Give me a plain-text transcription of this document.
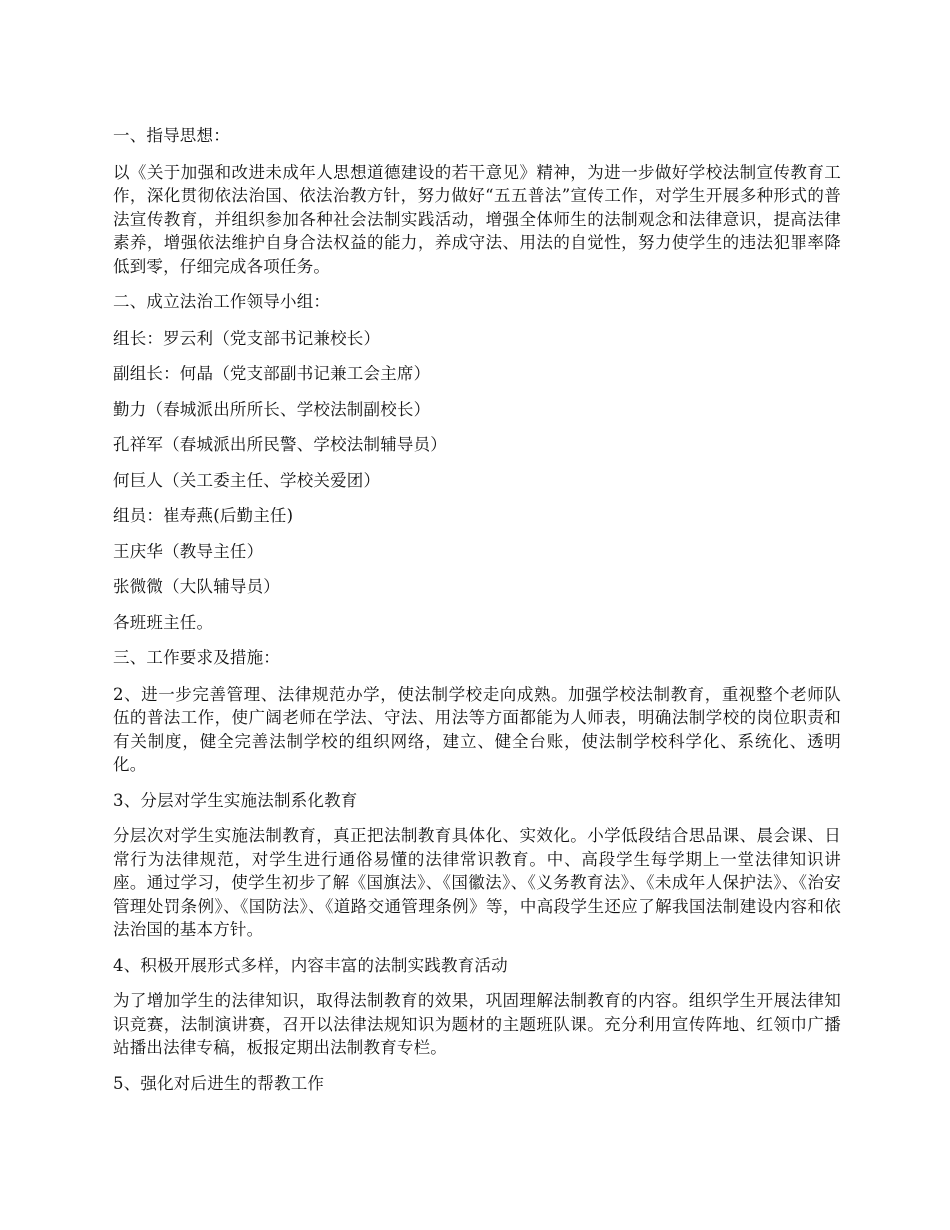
一、指导思想：

以《关于加强和改进未成年人思想道德建设的若干意见》精神，为进一步做好学校法制宣传教育工作，深化贯彻依法治国、依法治教方针，努力做好“五五普法”宣传工作，对学生开展多种形式的普法宣传教育，并组织参加各种社会法制实践活动，增强全体师生的法制观念和法律意识，提高法律素养，增强依法维护自身合法权益的能力，养成守法、用法的自觉性，努力使学生的违法犯罪率降低到零，仔细完成各项任务。

二、成立法治工作领导小组：

组长：罗云利（党支部书记兼校长）

副组长：何晶（党支部副书记兼工会主席）

勤力（春城派出所所长、学校法制副校长）

孔祥军（春城派出所民警、学校法制辅导员）

何巨人（关工委主任、学校关爱团）

组员：崔寿燕(后勤主任)

王庆华（教导主任）

张微微（大队辅导员）

各班班主任。

三、工作要求及措施：

2、进一步完善管理、法律规范办学，使法制学校走向成熟。加强学校法制教育，重视整个老师队伍的普法工作，使广阔老师在学法、守法、用法等方面都能为人师表，明确法制学校的岗位职责和有关制度，健全完善法制学校的组织网络，建立、健全台账，使法制学校科学化、系统化、透明化。

3、分层对学生实施法制系化教育

分层次对学生实施法制教育，真正把法制教育具体化、实效化。小学低段结合思品课、晨会课、日常行为法律规范，对学生进行通俗易懂的法律常识教育。中、高段学生每学期上一堂法律知识讲座。通过学习，使学生初步了解《国旗法》、《国徽法》、《义务教育法》、《未成年人保护法》、《治安管理处罚条例》、《国防法》、《道路交通管理条例》等，中高段学生还应了解我国法制建设内容和依法治国的基本方针。

4、积极开展形式多样，内容丰富的法制实践教育活动

为了增加学生的法律知识，取得法制教育的效果，巩固理解法制教育的内容。组织学生开展法律知识竞赛，法制演讲赛，召开以法律法规知识为题材的主题班队课。充分利用宣传阵地、红领巾广播站播出法律专稿，板报定期出法制教育专栏。

5、强化对后进生的帮教工作
